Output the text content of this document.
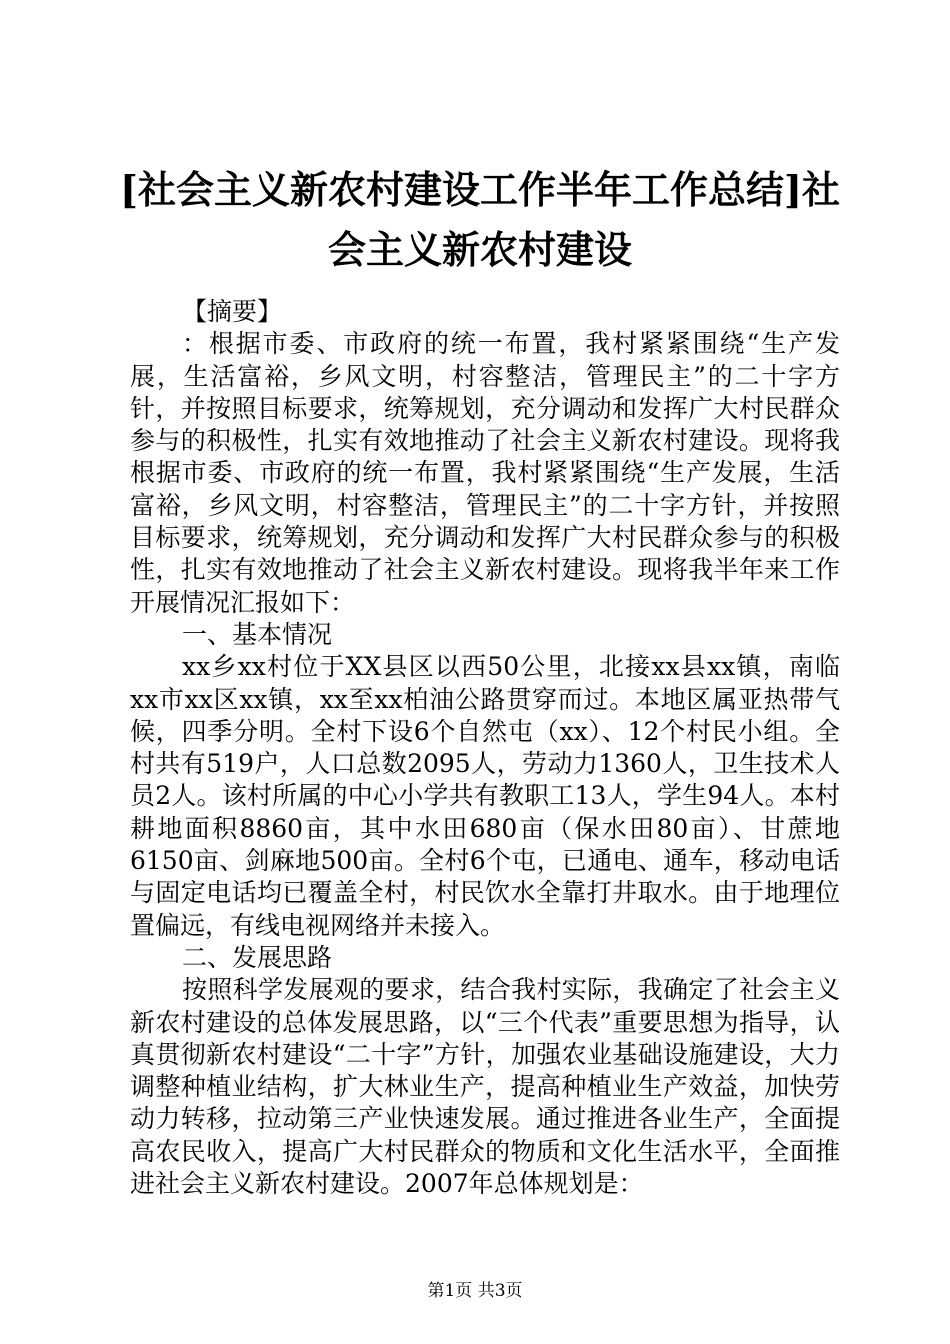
[社会主义新农村建设工作半年工作总结]社会主义新农村建设

【摘要】

：根据市委、市政府的统一布置，我村紧紧围绕“生产发展，生活富裕，乡风文明，村容整洁，管理民主”的二十字方针，并按照目标要求，统筹规划，充分调动和发挥广大村民群众参与的积极性，扎实有效地推动了社会主义新农村建设。现将我根据市委、市政府的统一布置，我村紧紧围绕“生产发展，生活富裕，乡风文明，村容整洁，管理民主”的二十字方针，并按照目标要求，统筹规划，充分调动和发挥广大村民群众参与的积极性，扎实有效地推动了社会主义新农村建设。现将我半年来工作开展情况汇报如下：

一、基本情况

xx乡xx村位于XX县区以西50公里，北接xx县xx镇，南临xx市xx区xx镇，xx至xx柏油公路贯穿而过。本地区属亚热带气候，四季分明。全村下设6个自然屯（xx）、12个村民小组。全村共有519户，人口总数2095人，劳动力1360人，卫生技术人员2人。该村所属的中心小学共有教职工13人，学生94人。本村耕地面积8860亩，其中水田680亩（保水田80亩）、甘蔗地6150亩、剑麻地500亩。全村6个屯，已通电、通车，移动电话与固定电话均已覆盖全村，村民饮水全靠打井取水。由于地理位置偏远，有线电视网络并未接入。

二、发展思路

按照科学发展观的要求，结合我村实际，我确定了社会主义新农村建设的总体发展思路，以“三个代表”重要思想为指导，认真贯彻新农村建设“二十字”方针，加强农业基础设施建设，大力调整种植业结构，扩大林业生产，提高种植业生产效益，加快劳动力转移，拉动第三产业快速发展。通过推进各业生产，全面提高农民收入，提高广大村民群众的物质和文化生活水平，全面推进社会主义新农村建设。2007年总体规划是：

第1页 共3页
